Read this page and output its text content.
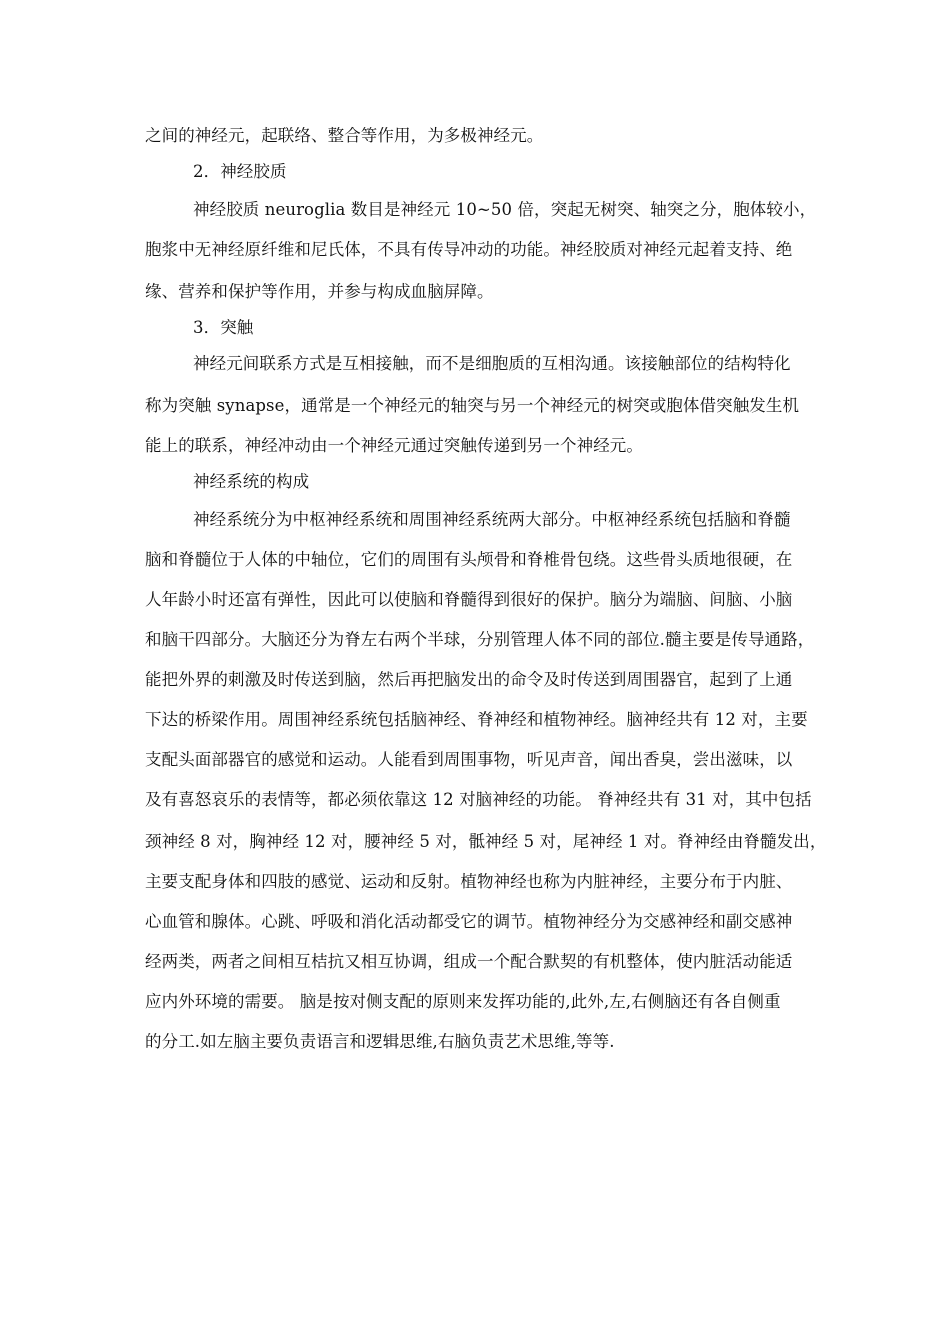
之间的神经元，起联络、整合等作用，为多极神经元。
2．神经胶质
神经胶质 neuroglia 数目是神经元 10~50 倍，突起无树突、轴突之分，胞体较小，
胞浆中无神经原纤维和尼氏体，不具有传导冲动的功能。神经胶质对神经元起着支持、绝
缘、营养和保护等作用，并参与构成血脑屏障。
3．突触
神经元间联系方式是互相接触，而不是细胞质的互相沟通。该接触部位的结构特化
称为突触 synapse，通常是一个神经元的轴突与另一个神经元的树突或胞体借突触发生机
能上的联系，神经冲动由一个神经元通过突触传递到另一个神经元。
神经系统的构成
神经系统分为中枢神经系统和周围神经系统两大部分。中枢神经系统包括脑和脊髓
脑和脊髓位于人体的中轴位，它们的周围有头颅骨和脊椎骨包绕。这些骨头质地很硬，在
人年龄小时还富有弹性，因此可以使脑和脊髓得到很好的保护。脑分为端脑、间脑、小脑
和脑干四部分。大脑还分为脊左右两个半球，分别管理人体不同的部位.髓主要是传导通路，
能把外界的刺激及时传送到脑，然后再把脑发出的命令及时传送到周围器官，起到了上通
下达的桥梁作用。周围神经系统包括脑神经、脊神经和植物神经。脑神经共有 12 对，主要
支配头面部器官的感觉和运动。人能看到周围事物，听见声音，闻出香臭，尝出滋味，以
及有喜怒哀乐的表情等，都必须依靠这 12 对脑神经的功能。 脊神经共有 31 对，其中包括
颈神经 8 对，胸神经 12 对，腰神经 5 对，骶神经 5 对，尾神经 1 对。脊神经由脊髓发出，
主要支配身体和四肢的感觉、运动和反射。植物神经也称为内脏神经，主要分布于内脏、
心血管和腺体。心跳、呼吸和消化活动都受它的调节。植物神经分为交感神经和副交感神
经两类，两者之间相互桔抗又相互协调，组成一个配合默契的有机整体，使内脏活动能适
应内外环境的需要。 脑是按对侧支配的原则来发挥功能的,此外,左,右侧脑还有各自侧重
的分工.如左脑主要负责语言和逻辑思维,右脑负责艺术思维,等等.
